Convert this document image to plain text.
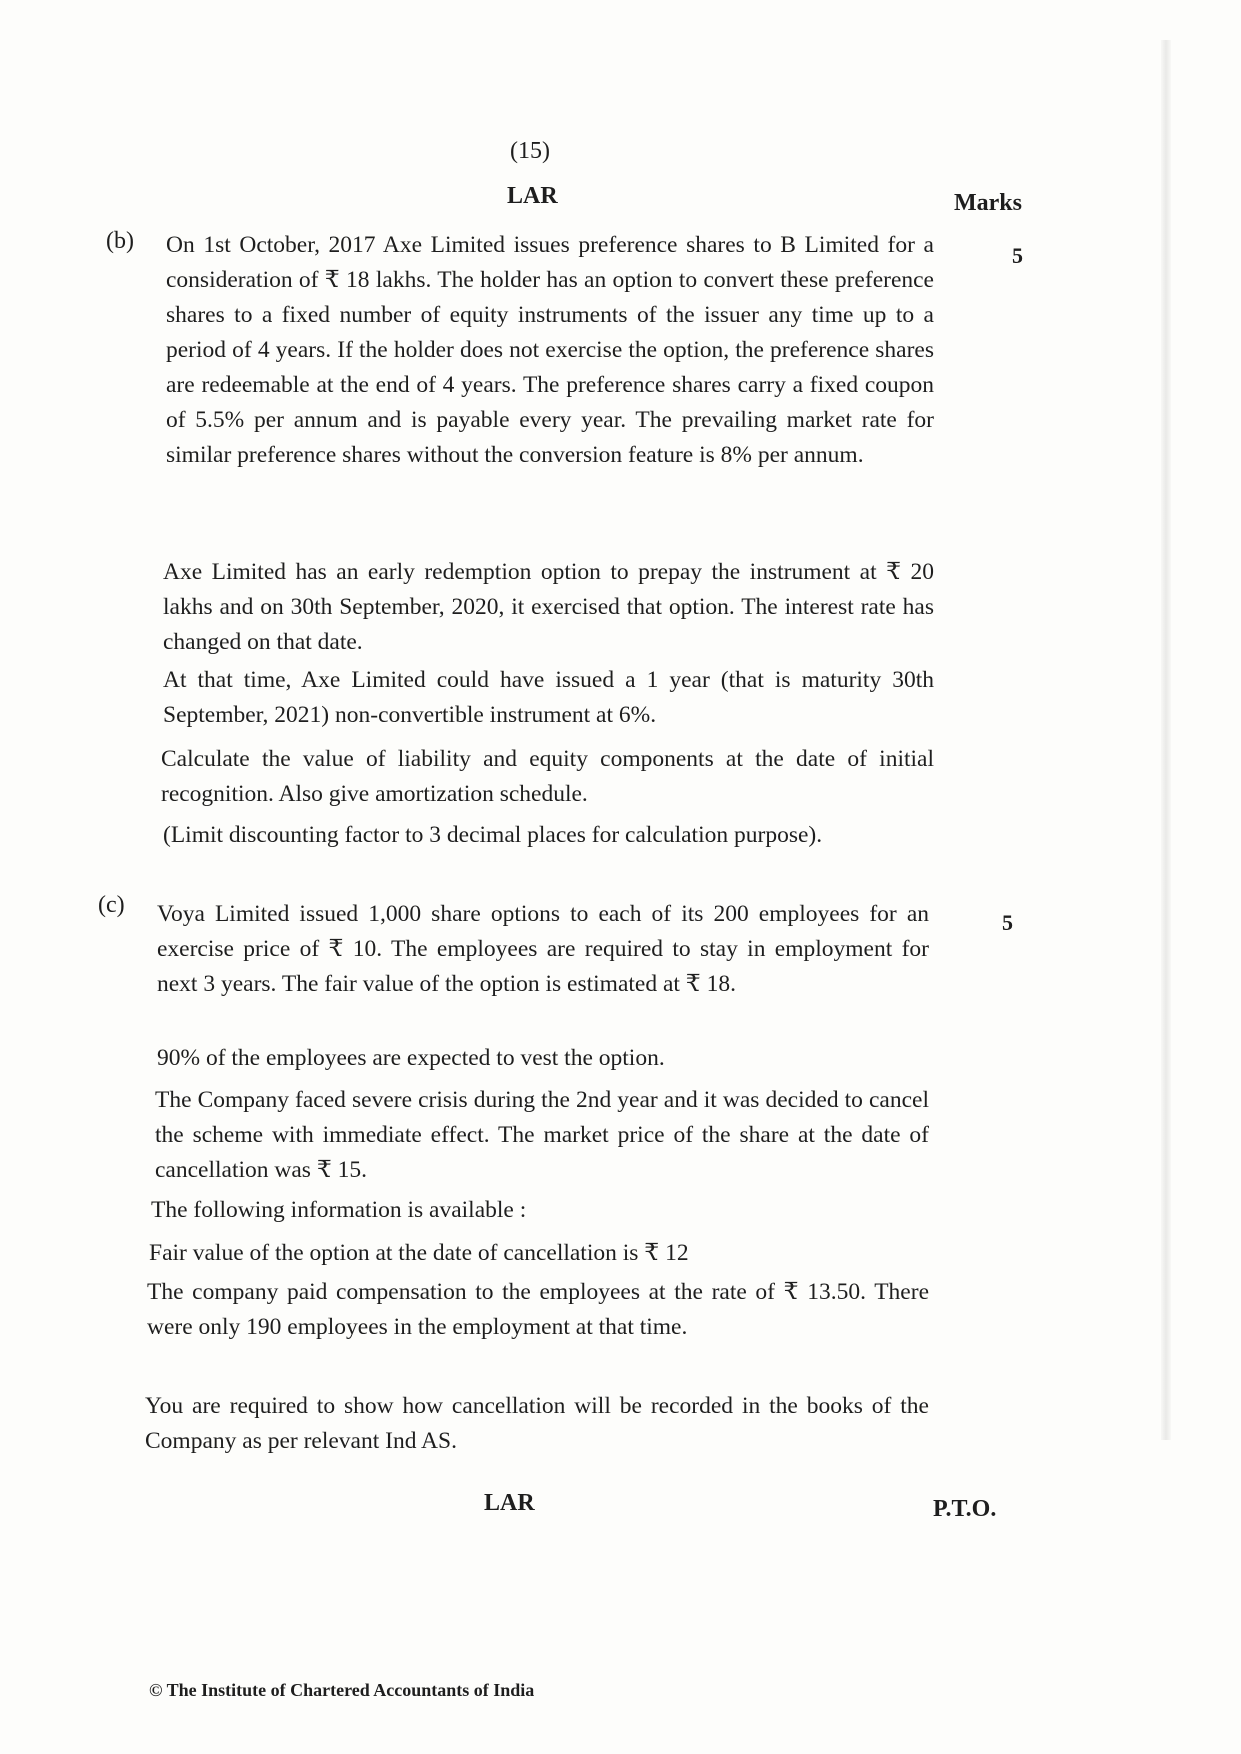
(15)
LAR	Marks
(b)
5

On 1st October, 2017 Axe Limited issues preference shares to B Limited for a consideration of ₹ 18 lakhs. The holder has an option to convert these preference shares to a fixed number of equity instruments of the issuer any time up to a period of 4 years. If the holder does not exercise the option, the preference shares are redeemable at the end of 4 years. The preference shares carry a fixed coupon of 5.5% per annum and is payable every year. The prevailing market rate for similar preference shares without the conversion feature is 8% per annum.

Axe Limited has an early redemption option to prepay the instrument at ₹ 20 lakhs and on 30th September, 2020, it exercised that option. The interest rate has changed on that date.

At that time, Axe Limited could have issued a 1 year (that is maturity 30th September, 2021) non-convertible instrument at 6%.

Calculate the value of liability and equity components at the date of initial recognition. Also give amortization schedule.

(Limit discounting factor to 3 decimal places for calculation purpose).

(c)
5

Voya Limited issued 1,000 share options to each of its 200 employees for an exercise price of ₹ 10. The employees are required to stay in employment for next 3 years. The fair value of the option is estimated at ₹ 18.

90% of the employees are expected to vest the option.

The Company faced severe crisis during the 2nd year and it was decided to cancel the scheme with immediate effect. The market price of the share at the date of cancellation was ₹ 15.

The following information is available :

Fair value of the option at the date of cancellation is ₹ 12

The company paid compensation to the employees at the rate of ₹ 13.50. There were only 190 employees in the employment at that time.

You are required to show how cancellation will be recorded in the books of the Company as per relevant Ind AS.

LAR	P.T.O.
© The Institute of Chartered Accountants of India
